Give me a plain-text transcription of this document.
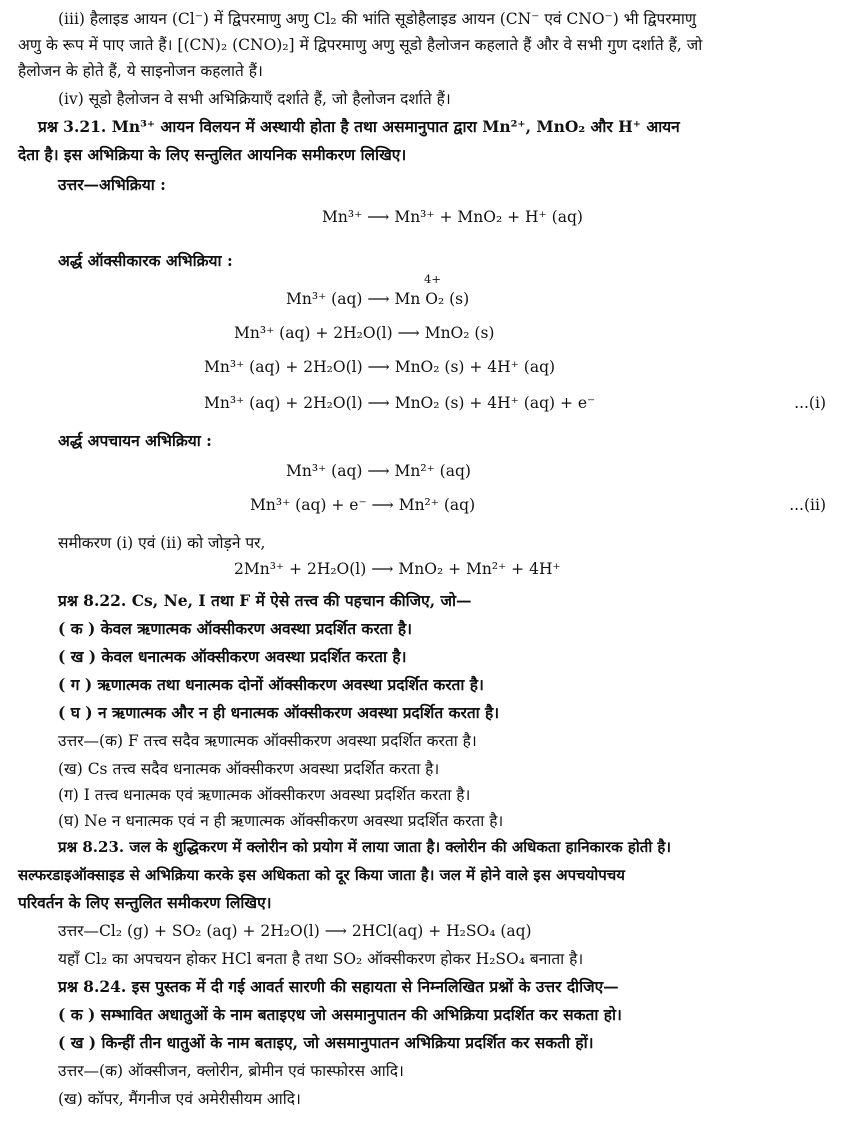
(iii) हैलाइड आयन (Cl⁻) में द्विपरमाणु अणु Cl₂ की भांति सूडोहैलाइड आयन (CN⁻ एवं CNO⁻) भी द्विपरमाणु
अणु के रूप में पाए जाते हैं। [(CN)₂ (CNO)₂] में द्विपरमाणु अणु सूडो हैलोजन कहलाते हैं और वे सभी गुण दर्शाते हैं, जो
हैलोजन के होते हैं, ये साइनोजन कहलाते हैं।
(iv) सूडो हैलोजन वे सभी अभिक्रियाएँ दर्शाते हैं, जो हैलोजन दर्शाते हैं।
प्रश्न 3.21. Mn³⁺ आयन विलयन में अस्थायी होता है तथा असमानुपात द्वारा Mn²⁺, MnO₂ और H⁺ आयन
देता है। इस अभिक्रिया के लिए सन्तुलित आयनिक समीकरण लिखिए।
उत्तर—अभिक्रिया :
Mn³⁺ ⟶ Mn³⁺ + MnO₂ + H⁺ (aq)
अर्द्ध ऑक्सीकारक अभिक्रिया :
4+
Mn³⁺ (aq) ⟶ Mn O₂ (s)
Mn³⁺ (aq) + 2H₂O(l) ⟶ MnO₂ (s)
Mn³⁺ (aq) + 2H₂O(l) ⟶ MnO₂ (s) + 4H⁺ (aq)
Mn³⁺ (aq) + 2H₂O(l) ⟶ MnO₂ (s) + 4H⁺ (aq) + e⁻	...(i)
अर्द्ध अपचायन अभिक्रिया :
Mn³⁺ (aq) ⟶ Mn²⁺ (aq)
Mn³⁺ (aq) + e⁻ ⟶ Mn²⁺ (aq)	...(ii)
समीकरण (i) एवं (ii) को जोड़ने पर,
2Mn³⁺ + 2H₂O(l) ⟶ MnO₂ + Mn²⁺ + 4H⁺
प्रश्न 8.22. Cs, Ne, I तथा F में ऐसे तत्त्व की पहचान कीजिए, जो—
( क ) केवल ऋणात्मक ऑक्सीकरण अवस्था प्रदर्शित करता है।
( ख ) केवल धनात्मक ऑक्सीकरण अवस्था प्रदर्शित करता है।
( ग ) ऋणात्मक तथा धनात्मक दोनों ऑक्सीकरण अवस्था प्रदर्शित करता है।
( घ ) न ऋणात्मक और न ही धनात्मक ऑक्सीकरण अवस्था प्रदर्शित करता है।
उत्तर—(क) F तत्त्व सदैव ऋणात्मक ऑक्सीकरण अवस्था प्रदर्शित करता है।
(ख) Cs तत्त्व सदैव धनात्मक ऑक्सीकरण अवस्था प्रदर्शित करता है।
(ग) I तत्त्व धनात्मक एवं ऋणात्मक ऑक्सीकरण अवस्था प्रदर्शित करता है।
(घ) Ne न धनात्मक एवं न ही ऋणात्मक ऑक्सीकरण अवस्था प्रदर्शित करता है।
प्रश्न 8.23. जल के शुद्धिकरण में क्लोरीन को प्रयोग में लाया जाता है। क्लोरीन की अधिकता हानिकारक होती है।
सल्फरडाइऑक्साइड से अभिक्रिया करके इस अधिकता को दूर किया जाता है। जल में होने वाले इस अपचयोपचय
परिवर्तन के लिए सन्तुलित समीकरण लिखिए।
उत्तर—Cl₂ (g) + SO₂ (aq) + 2H₂O(l) ⟶ 2HCl(aq) + H₂SO₄ (aq)
यहाँ Cl₂ का अपचयन होकर HCl बनता है तथा SO₂ ऑक्सीकरण होकर H₂SO₄ बनाता है।
प्रश्न 8.24. इस पुस्तक में दी गई आवर्त सारणी की सहायता से निम्नलिखित प्रश्नों के उत्तर दीजिए—
( क ) सम्भावित अधातुओं के नाम बताइएध जो असमानुपातन की अभिक्रिया प्रदर्शित कर सकता हो।
( ख ) किन्हीं तीन धातुओं के नाम बताइए, जो असमानुपातन अभिक्रिया प्रदर्शित कर सकती हों।
उत्तर—(क) ऑक्सीजन, क्लोरीन, ब्रोमीन एवं फास्फोरस आदि।
(ख) कॉपर, मैंगनीज एवं अमेरीसीयम आदि।
